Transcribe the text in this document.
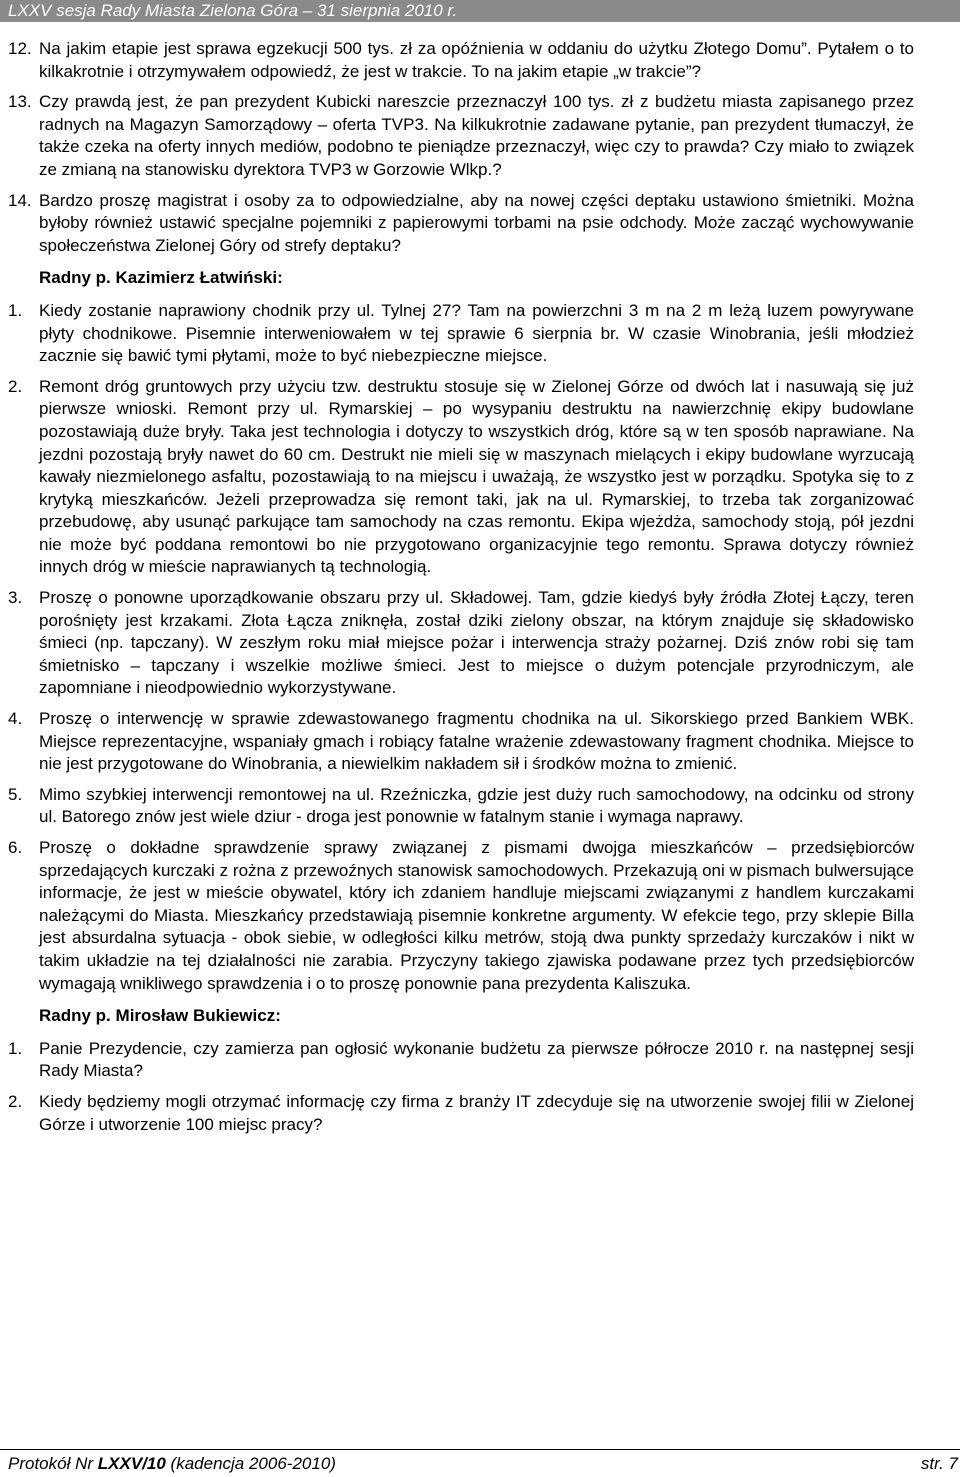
LXXV sesja Rady Miasta Zielona Góra – 31 sierpnia 2010 r.
12. Na jakim etapie jest sprawa egzekucji 500 tys. zł za opóźnienia w oddaniu do użytku Złotego Domu”. Pytałem o to kilkakrotnie i otrzymywałem odpowiedź, że jest w trakcie. To na jakim etapie „w trakcie”?
13. Czy prawdą jest, że pan prezydent Kubicki nareszcie przeznaczył 100 tys. zł z budżetu miasta zapisanego przez radnych na Magazyn Samorządowy – oferta TVP3. Na kilkukrotnie zadawane pytanie, pan prezydent tłumaczył, że także czeka na oferty innych mediów, podobno te pieniądze przeznaczył, więc czy to prawda? Czy miało to związek ze zmianą na stanowisku dyrektora TVP3 w Gorzowie Wlkp.?
14. Bardzo proszę magistrat i osoby za to odpowiedzialne, aby na nowej części deptaku ustawiono śmietniki. Można byłoby również ustawić specjalne pojemniki z papierowymi torbami na psie odchody. Może zacząć wychowywanie społeczeństwa Zielonej Góry od strefy deptaku?
Radny p. Kazimierz Łatwiński:
1. Kiedy zostanie naprawiony chodnik przy ul. Tylnej 27? Tam na powierzchni 3 m na 2 m leżą luzem powyrywane płyty chodnikowe. Pisemnie interweniowałem w tej sprawie 6 sierpnia br. W czasie Winobrania, jeśli młodzież zacznie się bawić tymi płytami, może to być niebezpieczne miejsce.
2. Remont dróg gruntowych przy użyciu tzw. destruktu stosuje się w Zielonej Górze od dwóch lat i nasuwają się już pierwsze wnioski. Remont przy ul. Rymarskiej – po wysypaniu destruktu na nawierzchnię ekipy budowlane pozostawiają duże bryły. Taka jest technologia i dotyczy to wszystkich dróg, które są w ten sposób naprawiane. Na jezdni pozostają bryły nawet do 60 cm. Destrukt nie mieli się w maszynach mielących i ekipy budowlane wyrzucają kawały niezmielonego asfaltu, pozostawiają to na miejscu i uważają, że wszystko jest w porządku. Spotyka się to z krytyką mieszkańców. Jeżeli przeprowadza się remont taki, jak na ul. Rymarskiej, to trzeba tak zorganizować przebudowę, aby usunąć parkujące tam samochody na czas remontu. Ekipa wjeżdża, samochody stoją, pół jezdni nie może być poddana remontowi bo nie przygotowano organizacyjnie tego remontu. Sprawa dotyczy również innych dróg w mieście naprawianych tą technologią.
3. Proszę o ponowne uporządkowanie obszaru przy ul. Składowej. Tam, gdzie kiedyś były źródła Złotej Łączy, teren porośnięty jest krzakami. Złota Łącza zniknęła, został dziki zielony obszar, na którym znajduje się składowisko śmieci (np. tapczany). W zeszłym roku miał miejsce pożar i interwencja straży pożarnej. Dziś znów robi się tam śmietnisko – tapczany i wszelkie możliwe śmieci. Jest to miejsce o dużym potencjale przyrodniczym, ale zapomniane i nieodpowiednio wykorzystywane.
4. Proszę o interwencję w sprawie zdewastowanego fragmentu chodnika na ul. Sikorskiego przed Bankiem WBK. Miejsce reprezentacyjne, wspaniały gmach i robiący fatalne wrażenie zdewastowany fragment chodnika. Miejsce to nie jest przygotowane do Winobrania, a niewielkim nakładem sił i środków można to zmienić.
5. Mimo szybkiej interwencji remontowej na ul. Rzeźniczka, gdzie jest duży ruch samochodowy, na odcinku od strony ul. Batorego znów jest wiele dziur - droga jest ponownie w fatalnym stanie i wymaga naprawy.
6. Proszę o dokładne sprawdzenie sprawy związanej z pismami dwojga mieszkańców – przedsiębiorców sprzedających kurczaki z rożna z przewoźnych stanowisk samochodowych. Przekazują oni w pismach bulwersujące informacje, że jest w mieście obywatel, który ich zdaniem handluje miejscami związanymi z handlem kurczakami należącymi do Miasta. Mieszkańcy przedstawiają pisemnie konkretne argumenty. W efekcie tego, przy sklepie Billa jest absurdalna sytuacja - obok siebie, w odległości kilku metrów, stoją dwa punkty sprzedaży kurczaków i nikt w takim układzie na tej działalności nie zarabia. Przyczyny takiego zjawiska podawane przez tych przedsiębiorców wymagają wnikliwego sprawdzenia i o to proszę ponownie pana prezydenta Kaliszuka.
Radny p. Mirosław Bukiewicz:
1. Panie Prezydencie, czy zamierza pan ogłosić wykonanie budżetu za pierwsze półrocze 2010 r. na następnej sesji Rady Miasta?
2. Kiedy będziemy mogli otrzymać informację czy firma z branży IT zdecyduje się na utworzenie swojej filii w Zielonej Górze i utworzenie 100 miejsc pracy?
Protokół Nr LXXV/10 (kadencja 2006-2010)	str. 7
